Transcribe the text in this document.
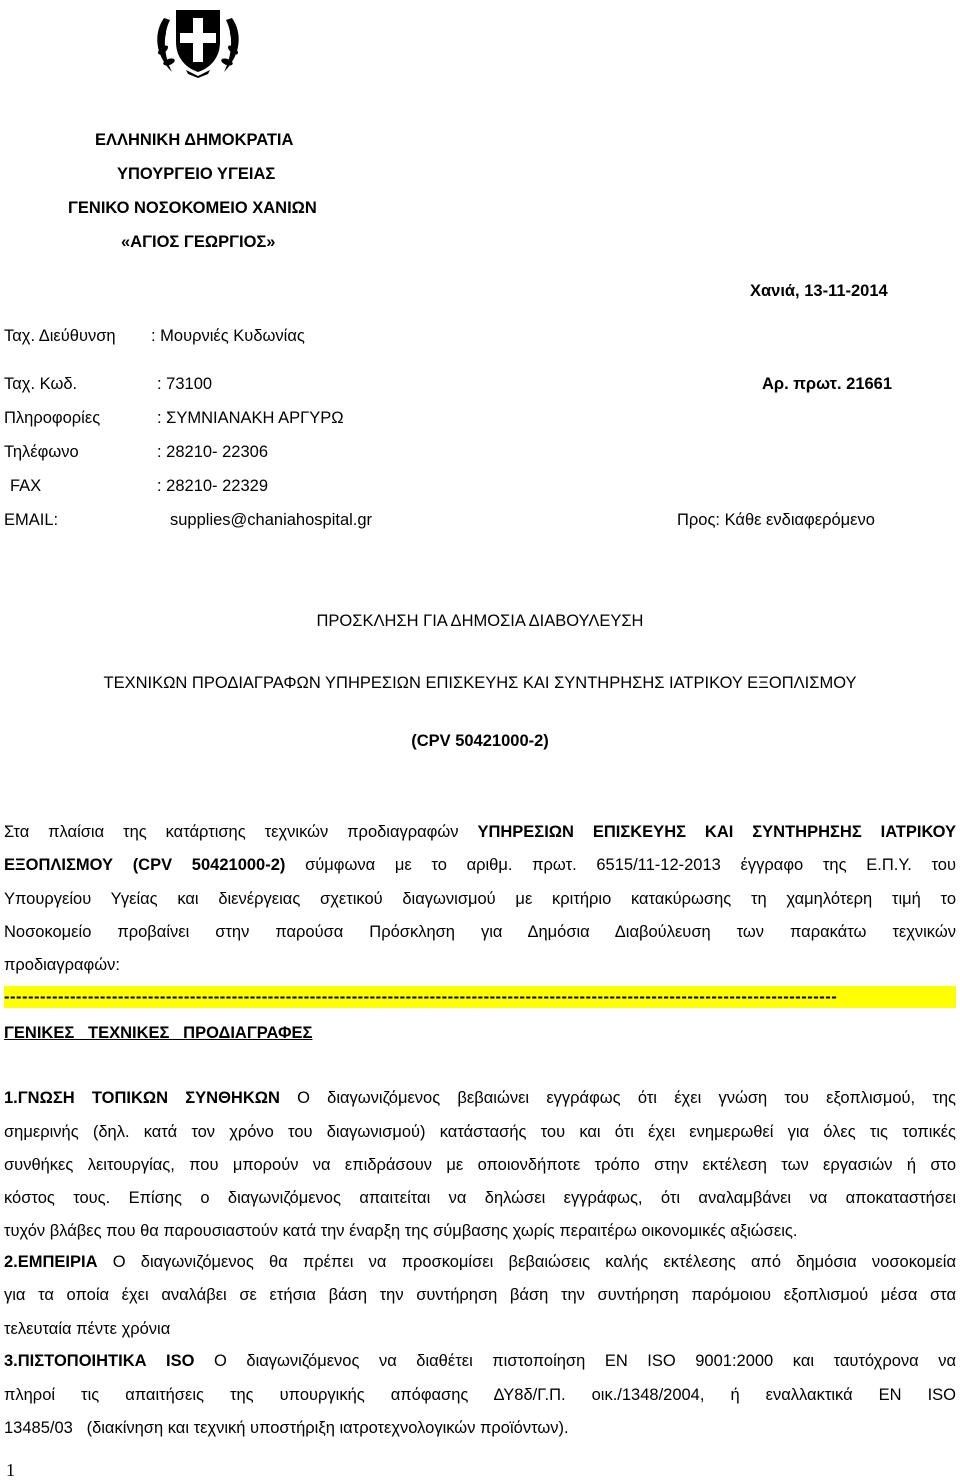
ΕΛΛΗΝΙΚΗ ΔΗΜΟΚΡΑΤΙΑ
ΥΠΟΥΡΓΕΙΟ ΥΓΕΙΑΣ
ΓΕΝΙΚΟ ΝΟΣΟΚΟΜΕΙΟ ΧΑΝΙΩΝ
«ΑΓΙΟΣ ΓΕΩΡΓΙΟΣ»
Χανιά, 13-11-2014
Ταχ. Διεύθυνση : Μουρνιές Κυδωνίας
Ταχ. Κωδ.	: 73100	Αρ. πρωτ. 21661
Πληροφορίες	: ΣΥΜΝΙΑΝΑΚΗ ΑΡΓΥΡΩ
Τηλέφωνο	: 28210- 22306
FAX	: 28210- 22329
EMAIL:	supplies@chaniahospital.gr	Προς: Κάθε ενδιαφερόμενο
ΠΡΟΣΚΛΗΣΗ ΓΙΑ ΔΗΜΟΣΙΑ ΔΙΑΒΟΥΛΕΥΣΗ
ΤΕΧΝΙΚΩΝ ΠΡΟΔΙΑΓΡΑΦΩΝ ΥΠΗΡΕΣΙΩΝ ΕΠΙΣΚΕΥΗΣ ΚΑΙ ΣΥΝΤΗΡΗΣΗΣ ΙΑΤΡΙΚΟΥ ΕΞΟΠΛΙΣΜΟΥ
(CPV 50421000-2)
Στα πλαίσια της κατάρτισης τεχνικών προδιαγραφών ΥΠΗΡΕΣΙΩΝ ΕΠΙΣΚΕΥΗΣ ΚΑΙ ΣΥΝΤΗΡΗΣΗΣ ΙΑΤΡΙΚΟΥ
ΕΞΟΠΛΙΣΜΟΥ (CPV 50421000-2) σύμφωνα με το αριθμ. πρωτ. 6515/11-12-2013 έγγραφο της Ε.Π.Υ. του
Υπουργείου Υγείας και διενέργειας σχετικού διαγωνισμού με κριτήριο κατακύρωσης τη χαμηλότερη τιμή το
Νοσοκομείο προβαίνει στην παρούσα Πρόσκληση για Δημόσια Διαβούλευση των παρακάτω τεχνικών
προδιαγραφών:
-------------------------------------------------------------------------------------------------------------------------------------------
ΓΕΝΙΚΕΣ   ΤΕΧΝΙΚΕΣ   ΠΡΟΔΙΑΓΡΑΦΕΣ
1.ΓΝΩΣΗ ΤΟΠΙΚΩΝ ΣΥΝΘΗΚΩΝ Ο διαγωνιζόμενος βεβαιώνει εγγράφως ότι έχει γνώση του εξοπλισμού, της
σημερινής (δηλ. κατά τον χρόνο του διαγωνισμού) κατάστασής του και ότι έχει ενημερωθεί για όλες τις τοπικές
συνθήκες λειτουργίας, που μπορούν να επιδράσουν με οποιονδήποτε τρόπο στην εκτέλεση των εργασιών ή στο
κόστος τους. Επίσης ο διαγωνιζόμενος απαιτείται να δηλώσει εγγράφως, ότι αναλαμβάνει να αποκαταστήσει
τυχόν βλάβες που θα παρουσιαστούν κατά την έναρξη της σύμβασης χωρίς περαιτέρω οικονομικές αξιώσεις.
2.ΕΜΠΕΙΡΙΑ Ο διαγωνιζόμενος θα πρέπει να προσκομίσει βεβαιώσεις καλής εκτέλεσης από δημόσια νοσοκομεία
για τα οποία έχει αναλάβει σε ετήσια βάση την συντήρηση βάση την συντήρηση παρόμοιου εξοπλισμού μέσα στα
τελευταία πέντε χρόνια
3.ΠΙΣΤΟΠΟΙΗΤΙΚΑ ISO Ο διαγωνιζόμενος να διαθέτει πιστοποίηση ΕΝ ISO 9001:2000 και ταυτόχρονα να
πληροί τις απαιτήσεις της υπουργικής απόφασης ΔΥ8δ/Γ.Π. οικ./1348/2004, ή εναλλακτικά ΕΝ ISO
13485/03   (διακίνηση και τεχνική υποστήριξη ιατροτεχνολογικών προϊόντων).
1
